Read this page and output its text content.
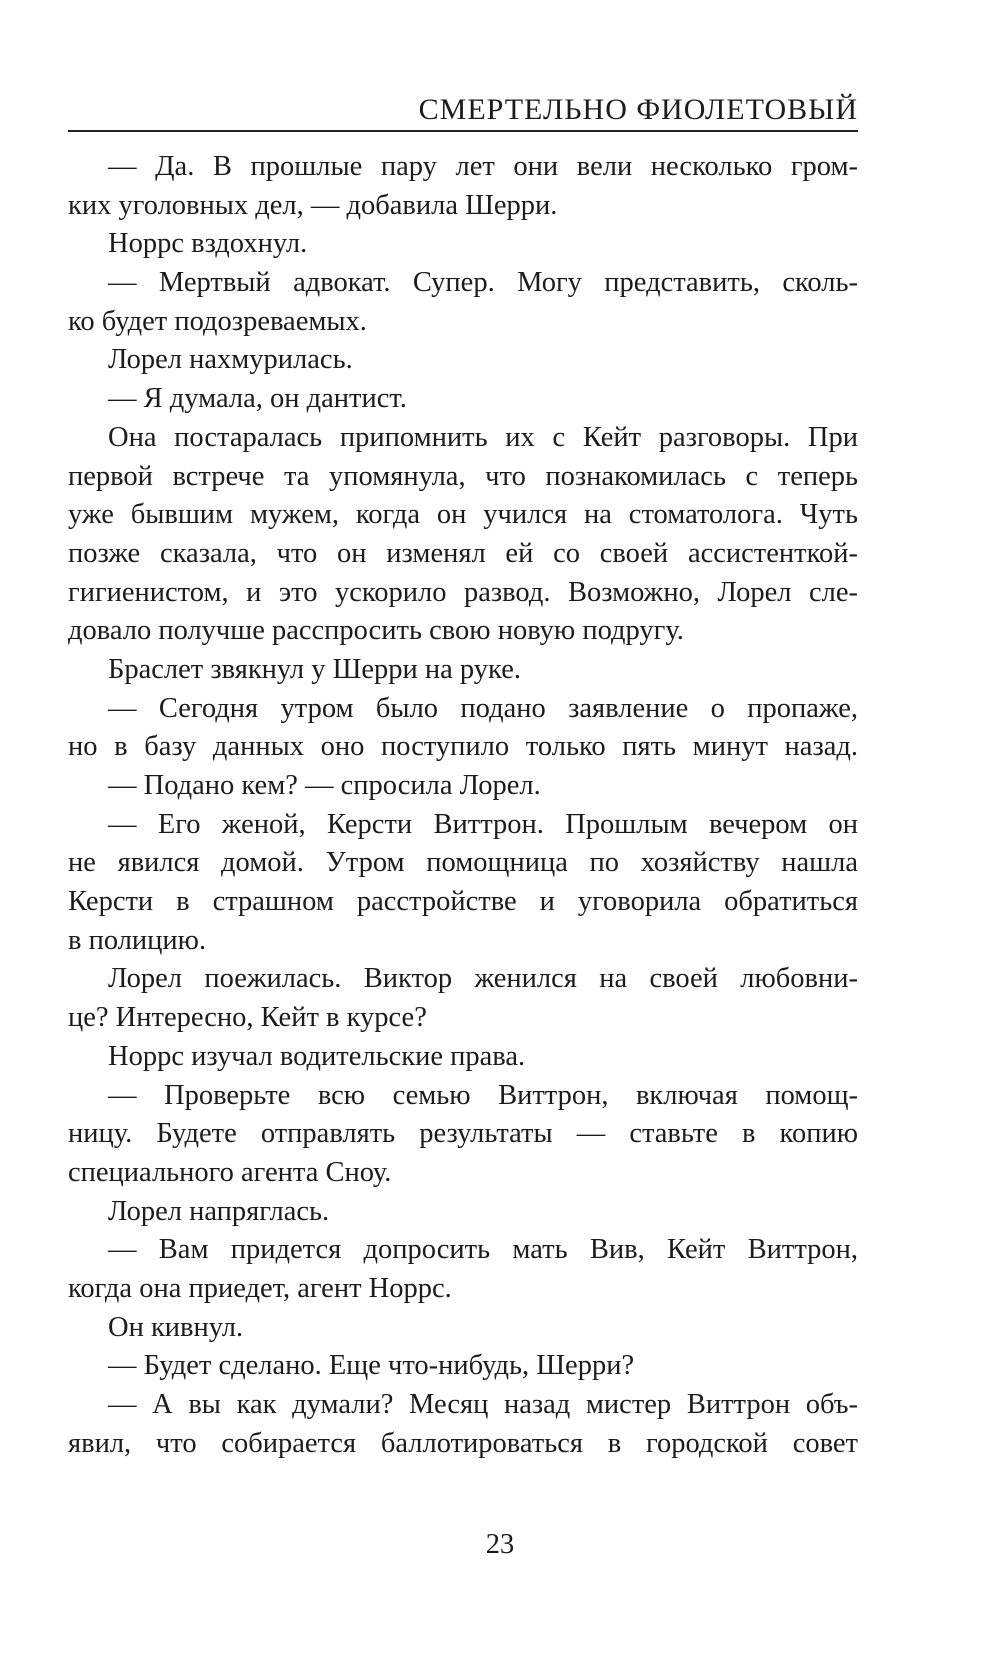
СМЕРТЕЛЬНО ФИОЛЕТОВЫЙ
— Да. В прошлые пару лет они вели несколько гром-
ких уголовных дел, — добавила Шерри.
Норрс вздохнул.
— Мертвый адвокат. Супер. Могу представить, сколь-
ко будет подозреваемых.
Лорел нахмурилась.
— Я думала, он дантист.
Она постаралась припомнить их с Кейт разговоры. При
первой встрече та упомянула, что познакомилась с теперь
уже бывшим мужем, когда он учился на стоматолога. Чуть
позже сказала, что он изменял ей со своей ассистенткой-
гигиенистом, и это ускорило развод. Возможно, Лорел сле-
довало получше расспросить свою новую подругу.
Браслет звякнул у Шерри на руке.
— Сегодня утром было подано заявление о пропаже,
но в базу данных оно поступило только пять минут назад.
— Подано кем? — спросила Лорел.
— Его женой, Керсти Виттрон. Прошлым вечером он
не явился домой. Утром помощница по хозяйству нашла
Керсти в страшном расстройстве и уговорила обратиться
в полицию.
Лорел поежилась. Виктор женился на своей любовни-
це? Интересно, Кейт в курсе?
Норрс изучал водительские права.
— Проверьте всю семью Виттрон, включая помощ-
ницу. Будете отправлять результаты — ставьте в копию
специального агента Сноу.
Лорел напряглась.
— Вам придется допросить мать Вив, Кейт Виттрон,
когда она приедет, агент Норрс.
Он кивнул.
— Будет сделано. Еще что-нибудь, Шерри?
— А вы как думали? Месяц назад мистер Виттрон объ-
явил, что собирается баллотироваться в городской совет
23
